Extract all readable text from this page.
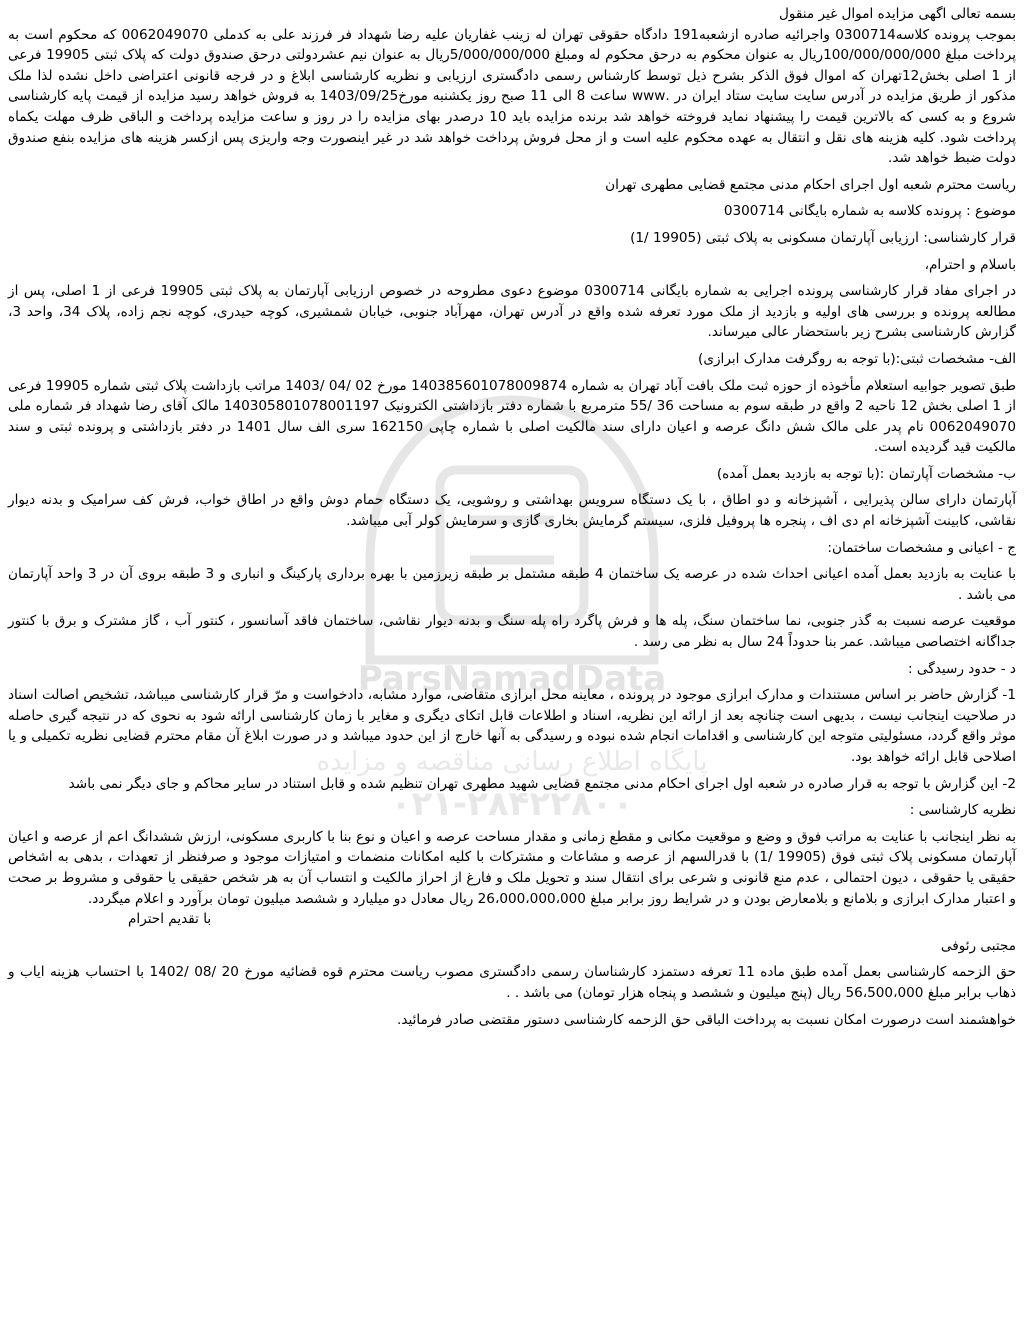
ParsNamadData
پایگاه اطلاع رسانی مناقصه و مزایده
۰۲۱-۲۸۴۲۲۸۰۰

بسمه تعالی اگهی مزایده اموال غیر منقول

بموجب پرونده کلاسه0300714 واجرائیه صادره ازشعبه191 دادگاه حقوقی تهران له زینب غفاریان علیه رضا شهداد فر فرزند علی به کدملی 0062049070 که محکوم است به پرداخت مبلغ 100/000/000/000ریال به عنوان محکوم به درحق محکوم له ومبلغ 5/000/000/000ریال به عنوان نیم عشردولتی درحق صندوق دولت که پلاک ثبتی 19905 فرعی از 1 اصلی بخش12تهران که اموال فوق الذکر بشرح ذیل توسط کارشناس رسمی دادگستری ارزیابی و نظریه کارشناسی ابلاغ و در فرجه قانونی اعتراضی داخل نشده لذا ملک مذکور از طریق مزایده در آدرس سایت سایت ستاد ایران در .www ساعت 8 الی 11 صبح روز یکشنبه مورخ1403/09/25 به فروش خواهد رسید مزایده از قیمت پایه کارشناسی شروع و به کسی که بالاترین قیمت را پیشنهاد نماید فروخته خواهد شد برنده مزایده باید 10 درصدر بهای مزایده را در روز و ساعت مزایده پرداخت و الباقی ظرف مهلت یکماه پرداخت شود. کلیه هزینه های نقل و انتقال به عهده محکوم علیه است و از محل فروش پرداخت خواهد شد در غیر اینصورت وجه واریزی پس ازکسر هزینه های مزایده بنفع صندوق دولت ضبط خواهد شد.

ریاست محترم شعبه اول اجرای احکام مدنی مجتمع قضایی مطهری تهران

موضوع : پرونده کلاسه به شماره بایگانی 0300714

قرار کارشناسی: ارزیابی آپارتمان مسکونی به پلاک ثبتی (19905 /1)

باسلام و احترام،

در اجرای مفاد قرار کارشناسی پرونده اجرایی به شماره بایگانی 0300714 موضوع دعوی مطروحه در خصوص ارزیابی آپارتمان به پلاک ثبتی 19905 فرعی از 1 اصلی، پس از مطالعه پرونده و بررسی های اولیه و بازدید از ملک مورد تعرفه شده واقع در آدرس تهران، مهرآباد جنوبی، خیابان شمشیری، کوچه حیدری، کوچه نجم زاده، پلاک 34، واحد 3، گزارش کارشناسی بشرح زیر باستحضار عالی میرساند.

الف- مشخصات ثبتی:(با توجه به روگرفت مدارک ابرازی)

طبق تصویر جوابیه استعلام مأخوذه از حوزه ثبت ملک بافت آباد تهران به شماره 140385601078009874 مورخ 02 /04 /1403 مراتب بازداشت پلاک ثبتی شماره 19905 فرعی از 1 اصلی بخش 12 ناحیه 2 واقع در طبقه سوم به مساحت 36 /55 مترمربع با شماره دفتر بازداشتی الکترونیک 140305801078001197 مالک آقای رضا شهداد فر شماره ملی 0062049070 نام پدر علی مالک شش دانگ عرصه و اعیان دارای سند مالکیت اصلی با شماره چاپی 162150 سری الف سال 1401 در دفتر بازداشتی و پرونده ثبتی و سند مالکیت قید گردیده است.

ب- مشخصات آپارتمان :(با توجه به بازدید بعمل آمده)

آپارتمان دارای سالن پذیرایی ، آشپزخانه و دو اطاق ، با یک دستگاه سرویس بهداشتی و روشویی، یک دستگاه حمام دوش واقع در اطاق خواب، فرش کف سرامیک و بدنه دیوار نقاشی، کابینت آشپزخانه ام دی اف ، پنجره ها پروفیل فلزی، سیستم گرمایش بخاری گازی و سرمایش کولر آبی میباشد.

ج - اعیانی و مشخصات ساختمان:

با عنایت به بازدید بعمل آمده اعیانی احداث شده در عرصه یک ساختمان 4 طبقه مشتمل بر طبقه زیرزمین با بهره برداری پارکینگ و انباری و 3 طبقه بروی آن در 3 واحد آپارتمان می باشد .

موقعیت عرصه نسبت به گذر جنوبی، نما ساختمان سنگ، پله ها و فرش پاگرد راه پله سنگ و بدنه دیوار نقاشی، ساختمان فاقد آسانسور ، کنتور آب ، گاز مشترک و برق با کنتور جداگانه اختصاصی میباشد. عمر بنا حدوداً 24 سال به نظر می رسد .

د - حدود رسیدگی :

1- گزارش حاضر بر اساس مستندات و مدارک ابرازی موجود در پرونده ، معاینه محل ابرازی متقاضی، موارد مشابه، دادخواست و مرّ قرار کارشناسی میباشد، تشخیص اصالت اسناد در صلاحیت اینجانب نیست ، بدیهی است چنانچه بعد از ارائه این نظریه، اسناد و اطلاعات قابل اتکای دیگری و مغایر با زمان کارشناسی ارائه شود به نحوی که در نتیجه گیری حاصله موثر واقع گردد، مسئولیتی متوجه این کارشناسی و اقدامات انجام شده نبوده و رسیدگی به آنها خارج از این حدود میباشد و در صورت ابلاغ آن مقام محترم قضایی نظریه تکمیلی و یا اصلاحی قابل ارائه خواهد بود.

2- این گزارش با توجه به قرار صادره در شعبه اول اجرای احکام مدنی مجتمع قضایی شهید مطهری تهران تنظیم شده و قابل استناد در سایر محاکم و جای دیگر نمی باشد

نظریه کارشناسی :

به نظر اینجانب با عنایت به مراتب فوق و وضع و موقعیت مکانی و مقطع زمانی و مقدار مساحت عرصه و اعیان و نوع بنا با کاربری مسکونی، ارزش ششدانگ اعم از عرصه و اعیان آپارتمان مسکونی پلاک ثبتی فوق (19905 /1) با قدرالسهم از عرصه و مشاعات و مشترکات با کلیه امکانات منضمات و امتیازات موجود و صرفنظر از تعهدات ، بدهی به اشخاص حقیقی یا حقوقی ، دیون احتمالی ، عدم منع قانونی و شرعی برای انتقال سند و تحویل ملک و فارغ از احراز مالکیت و انتساب آن به هر شخص حقیقی یا حقوقی و مشروط بر صحت و اعتبار مدارک ابرازی و بلامانع و بلامعارض بودن و در شرایط روز برابر مبلغ 26،000،000،000 ریال معادل دو میلیارد و ششصد میلیون تومان برآورد و اعلام میگردد.

با تقدیم احترام

مجتبی رئوفی

حق الزحمه کارشناسی بعمل آمده طبق ماده 11 تعرفه دستمزد کارشناسان رسمی دادگستری مصوب ریاست محترم قوه قضائیه مورخ 20 /08 /1402 با احتساب هزینه ایاب و ذهاب برابر مبلغ 56،500،000 ریال (پنج میلیون و ششصد و پنجاه هزار تومان) می باشد . .

خواهشمند است درصورت امکان نسبت به پرداخت الباقی حق الزحمه کارشناسی دستور مقتضی صادر فرمائید.
